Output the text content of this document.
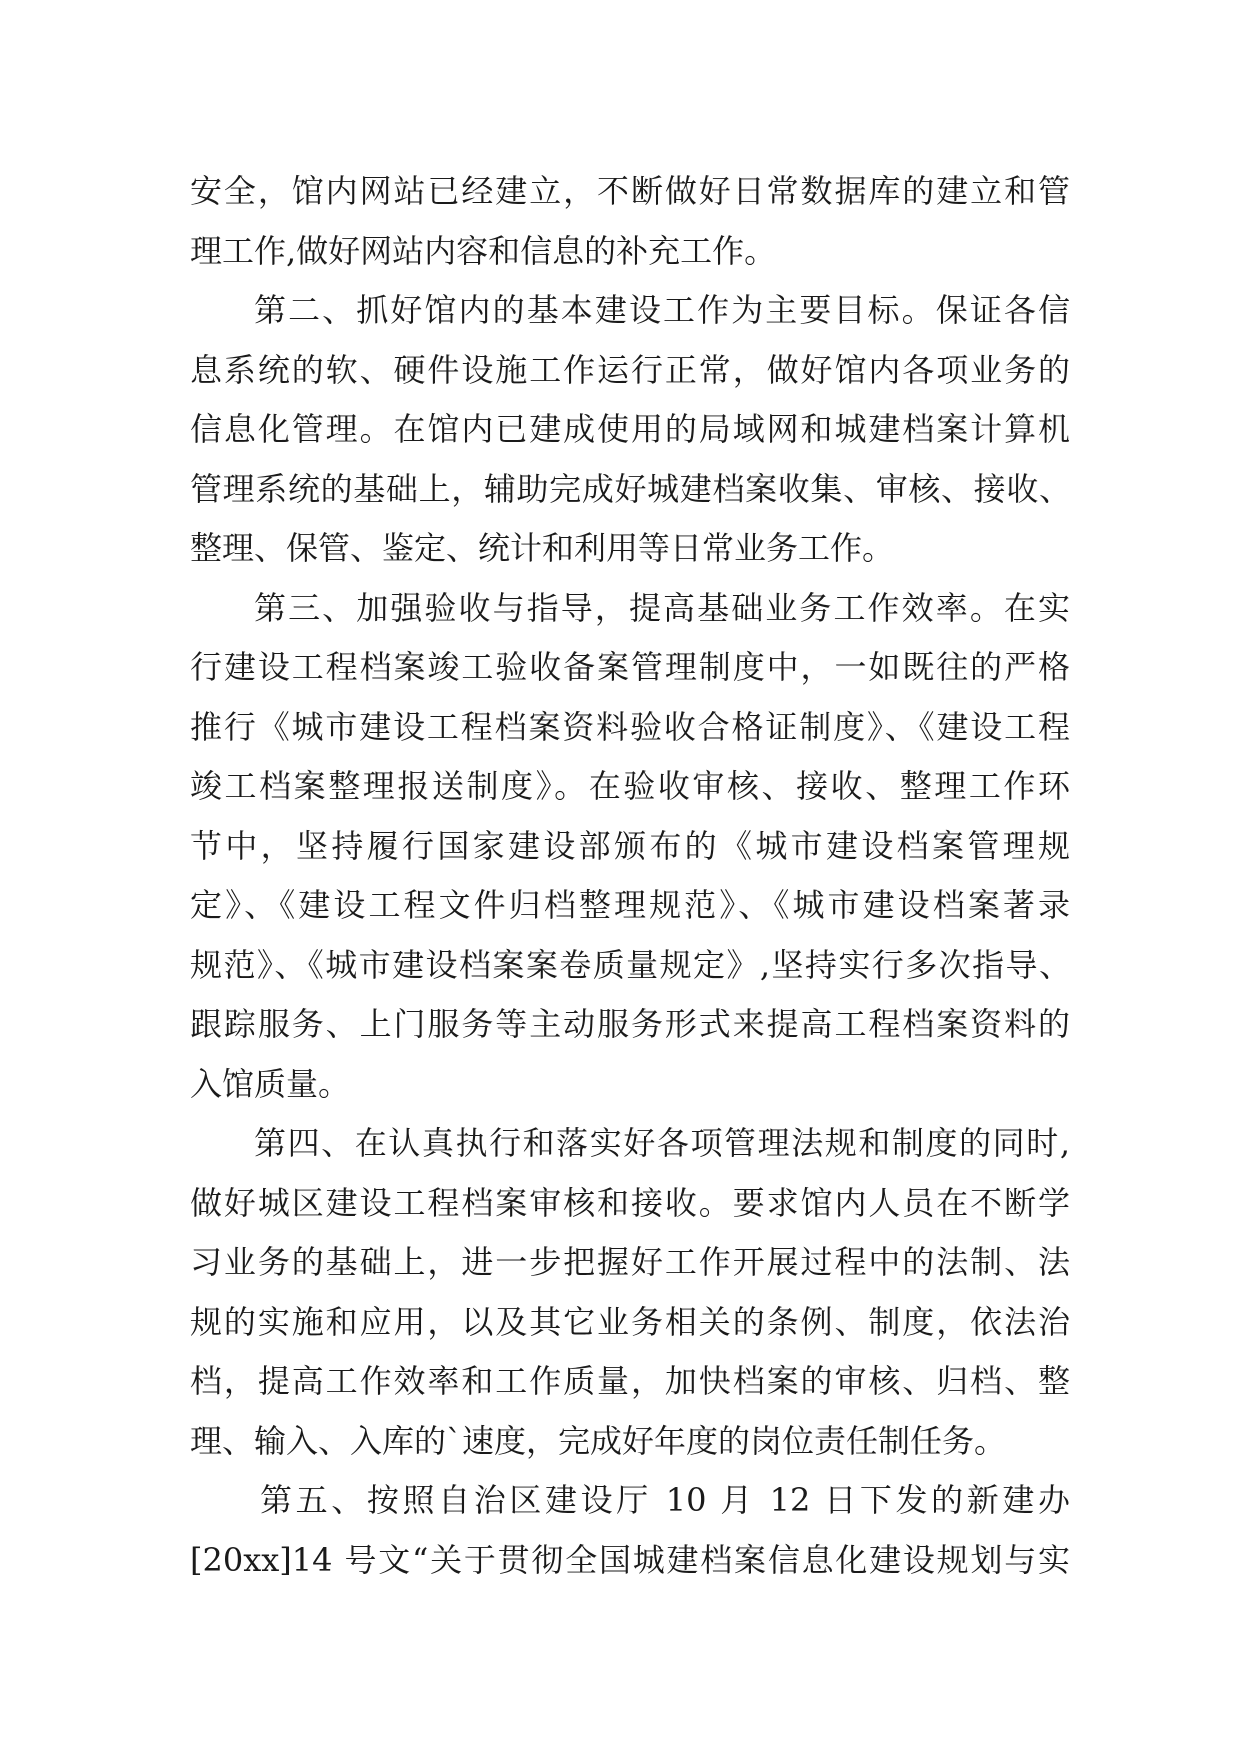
安全，馆内网站已经建立，不断做好日常数据库的建立和管
理工作,做好网站内容和信息的补充工作。
第二、抓好馆内的基本建设工作为主要目标。保证各信
息系统的软、硬件设施工作运行正常，做好馆内各项业务的
信息化管理。在馆内已建成使用的局域网和城建档案计算机
管理系统的基础上，辅助完成好城建档案收集、审核、接收、
整理、保管、鉴定、统计和利用等日常业务工作。
第三、加强验收与指导，提高基础业务工作效率。在实
行建设工程档案竣工验收备案管理制度中，一如既往的严格
推行《城市建设工程档案资料验收合格证制度》、《建设工程
竣工档案整理报送制度》。在验收审核、接收、整理工作环
节中，坚持履行国家建设部颁布的《城市建设档案管理规
定》、《建设工程文件归档整理规范》、《城市建设档案著录
规范》、《城市建设档案案卷质量规定》,坚持实行多次指导、
跟踪服务、上门服务等主动服务形式来提高工程档案资料的
入馆质量。
第四、在认真执行和落实好各项管理法规和制度的同时,
做好城区建设工程档案审核和接收。要求馆内人员在不断学
习业务的基础上，进一步把握好工作开展过程中的法制、法
规的实施和应用，以及其它业务相关的条例、制度，依法治
档，提高工作效率和工作质量，加快档案的审核、归档、整
理、输入、入库的`速度，完成好年度的岗位责任制任务。
第五、按照自治区建设厅 10 月 12 日下发的新建办
[20xx]14 号文“关于贯彻全国城建档案信息化建设规划与实
